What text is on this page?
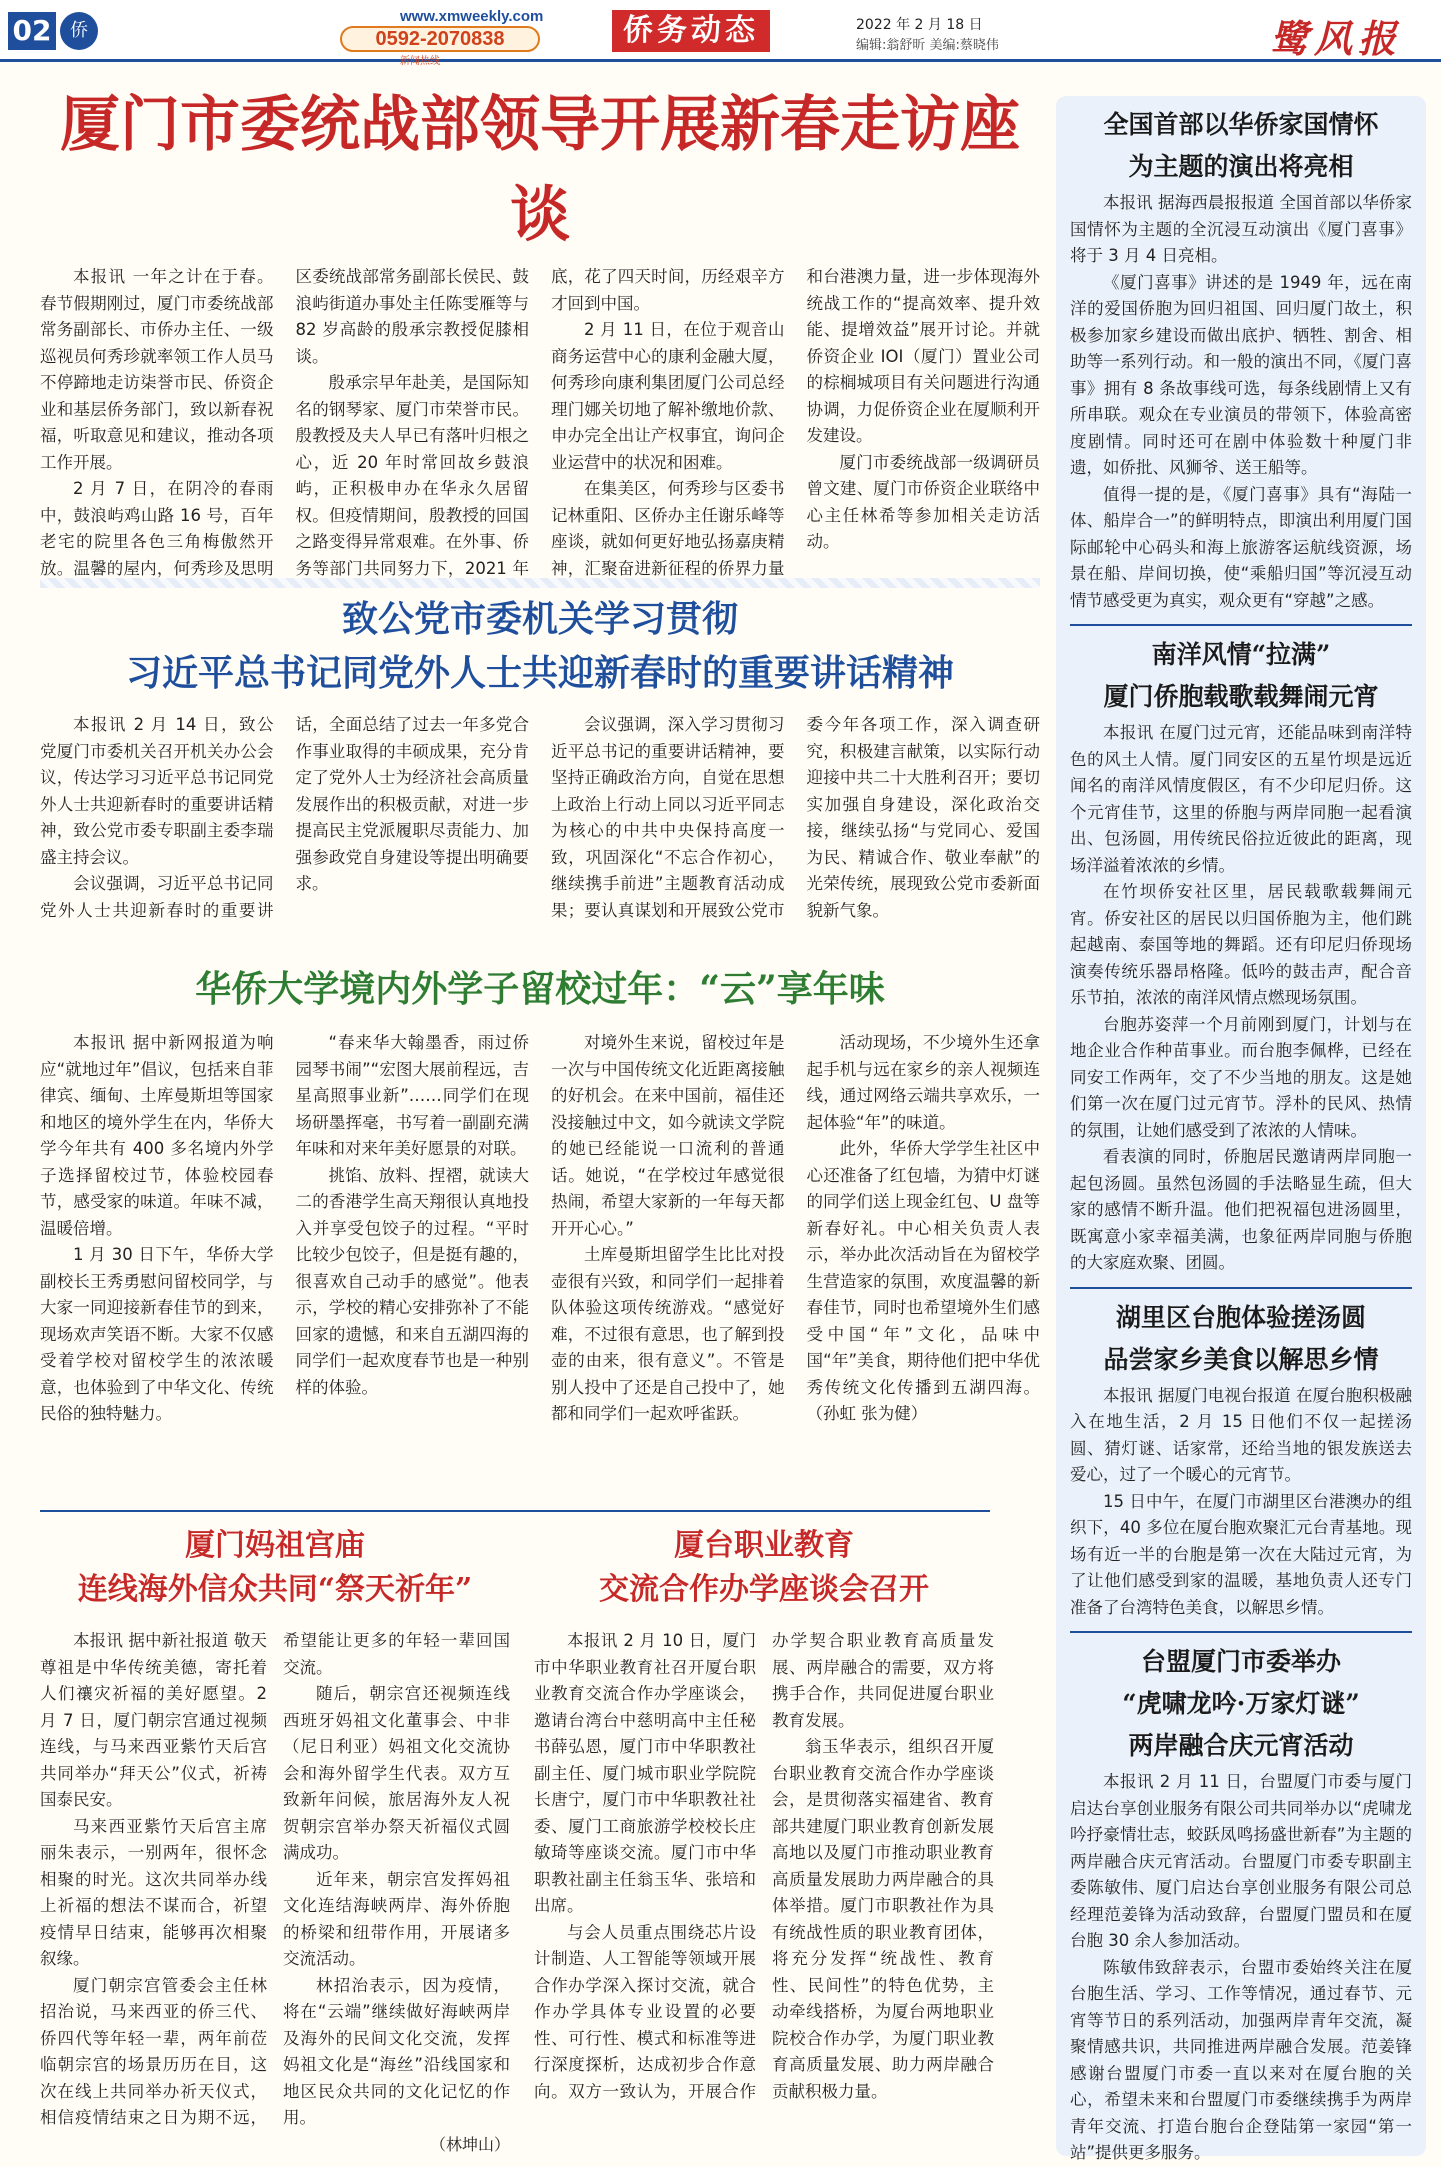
02	侨
www.xmweekly.com
0592-2070838
新闻热线
侨务动态	2022 年 2 月 18 日
编辑:翁舒昕 美编:蔡晓伟	鹭风报
厦门市委统战部领导开展新春走访座谈

本报讯 一年之计在于春。春节假期刚过，厦门市委统战部常务副部长、市侨办主任、一级巡视员何秀珍就率领工作人员马不停蹄地走访柒誉市民、侨资企业和基层侨务部门，致以新春祝福，听取意见和建议，推动各项工作开展。

2 月 7 日，在阴冷的春雨中，鼓浪屿鸡山路 16 号，百年老宅的院里各色三角梅傲然开放。温馨的屋内，何秀珍及思明区委统战部常务副部长侯民、鼓浪屿街道办事处主任陈雯雁等与 82 岁高龄的殷承宗教授促膝相谈。

殷承宗早年赴美，是国际知名的钢琴家、厦门市荣誉市民。殷教授及夫人早已有落叶归根之心，近 20 年时常回故乡鼓浪屿，正积极申办在华永久居留权。但疫情期间，殷教授的回国之路变得异常艰难。在外事、侨务等部门共同努力下，2021 年底，花了四天时间，历经艰辛方才回到中国。

2 月 11 日，在位于观音山商务运营中心的康利金融大厦，何秀珍向康利集团厦门公司总经理门娜关切地了解补缴地价款、申办完全出让产权事宜，询问企业运营中的状况和困难。

在集美区，何秀珍与区委书记林重阳、区侨办主任谢乐峰等座谈，就如何更好地弘扬嘉庚精神，汇聚奋进新征程的侨界力量和台港澳力量，进一步体现海外统战工作的“提高效率、提升效能、提增效益”展开讨论。并就侨资企业 IOI（厦门）置业公司的棕榈城项目有关问题进行沟通协调，力促侨资企业在厦顺利开发建设。

厦门市委统战部一级调研员曾文建、厦门市侨资企业联络中心主任林希等参加相关走访活动。

致公党市委机关学习贯彻
习近平总书记同党外人士共迎新春时的重要讲话精神

本报讯 2 月 14 日，致公党厦门市委机关召开机关办公会议，传达学习习近平总书记同党外人士共迎新春时的重要讲话精神，致公党市委专职副主委李瑞盛主持会议。

会议强调，习近平总书记同党外人士共迎新春时的重要讲话，全面总结了过去一年多党合作事业取得的丰硕成果，充分肯定了党外人士为经济社会高质量发展作出的积极贡献，对进一步提高民主党派履职尽责能力、加强参政党自身建设等提出明确要求。

会议强调，深入学习贯彻习近平总书记的重要讲话精神，要坚持正确政治方向，自觉在思想上政治上行动上同以习近平同志为核心的中共中央保持高度一致，巩固深化“不忘合作初心，继续携手前进”主题教育活动成果；要认真谋划和开展致公党市委今年各项工作，深入调查研究，积极建言献策，以实际行动迎接中共二十大胜利召开；要切实加强自身建设，深化政治交接，继续弘扬“与党同心、爱国为民、精诚合作、敬业奉献”的光荣传统，展现致公党市委新面貌新气象。

华侨大学境内外学子留校过年：“云”享年味

本报讯 据中新网报道为响应“就地过年”倡议，包括来自菲律宾、缅甸、土库曼斯坦等国家和地区的境外学生在内，华侨大学今年共有 400 多名境内外学子选择留校过节，体验校园春节，感受家的味道。年味不减，温暖倍增。

1 月 30 日下午，华侨大学副校长王秀勇慰问留校同学，与大家一同迎接新春佳节的到来，现场欢声笑语不断。大家不仅感受着学校对留校学生的浓浓暖意，也体验到了中华文化、传统民俗的独特魅力。

“春来华大翰墨香，雨过侨园琴书闹”“宏图大展前程远，吉星高照事业新”……同学们在现场研墨挥毫，书写着一副副充满年味和对来年美好愿景的对联。

挑馅、放料、捏褶，就读大二的香港学生高天翔很认真地投入并享受包饺子的过程。“平时比较少包饺子，但是挺有趣的，很喜欢自己动手的感觉”。他表示，学校的精心安排弥补了不能回家的遗憾，和来自五湖四海的同学们一起欢度春节也是一种别样的体验。

对境外生来说，留校过年是一次与中国传统文化近距离接触的好机会。在来中国前，福佳还没接触过中文，如今就读文学院的她已经能说一口流利的普通话。她说，“在学校过年感觉很热闹，希望大家新的一年每天都开开心心。”

土库曼斯坦留学生比比对投壶很有兴致，和同学们一起排着队体验这项传统游戏。“感觉好难，不过很有意思，也了解到投壶的由来，很有意义”。不管是别人投中了还是自己投中了，她都和同学们一起欢呼雀跃。

活动现场，不少境外生还拿起手机与远在家乡的亲人视频连线，通过网络云端共享欢乐，一起体验“年”的味道。

此外，华侨大学学生社区中心还准备了红包墙，为猜中灯谜的同学们送上现金红包、U 盘等新春好礼。中心相关负责人表示，举办此次活动旨在为留校学生营造家的氛围，欢度温馨的新春佳节，同时也希望境外生们感受中国“年”文化，品味中国“年”美食，期待他们把中华优秀传统文化传播到五湖四海。（孙虹 张为健）

厦门妈祖宫庙
连线海外信众共同“祭天祈年”

本报讯 据中新社报道 敬天尊祖是中华传统美德，寄托着人们禳灾祈福的美好愿望。2 月 7 日，厦门朝宗宫通过视频连线，与马来西亚紫竹天后宫共同举办“拜天公”仪式，祈祷国泰民安。

马来西亚紫竹天后宫主席丽朱表示，一别两年，很怀念相聚的时光。这次共同举办线上祈福的想法不谋而合，祈望疫情早日结束，能够再次相聚叙缘。

厦门朝宗宫管委会主任林招治说，马来西亚的侨三代、侨四代等年轻一辈，两年前莅临朝宗宫的场景历历在目，这次在线上共同举办祈天仪式，相信疫情结束之日为期不远，希望能让更多的年轻一辈回国交流。

随后，朝宗宫还视频连线西班牙妈祖文化董事会、中非（尼日利亚）妈祖文化交流协会和海外留学生代表。双方互致新年问候，旅居海外友人祝贺朝宗宫举办祭天祈福仪式圆满成功。

近年来，朝宗宫发挥妈祖文化连结海峡两岸、海外侨胞的桥梁和纽带作用，开展诸多交流活动。

林招治表示，因为疫情，将在“云端”继续做好海峡两岸及海外的民间文化交流，发挥妈祖文化是“海丝”沿线国家和地区民众共同的文化记忆的作用。

（林坤山）
厦台职业教育
交流合作办学座谈会召开

本报讯 2 月 10 日，厦门市中华职业教育社召开厦台职业教育交流合作办学座谈会，邀请台湾台中慈明高中主任秘书薛弘恩，厦门市中华职教社副主任、厦门城市职业学院院长唐宁，厦门市中华职教社社委、厦门工商旅游学校校长庄敏琦等座谈交流。厦门市中华职教社副主任翁玉华、张培和出席。

与会人员重点围绕芯片设计制造、人工智能等领域开展合作办学深入探讨交流，就合作办学具体专业设置的必要性、可行性、模式和标准等进行深度探析，达成初步合作意向。双方一致认为，开展合作办学契合职业教育高质量发展、两岸融合的需要，双方将携手合作，共同促进厦台职业教育发展。

翁玉华表示，组织召开厦台职业教育交流合作办学座谈会，是贯彻落实福建省、教育部共建厦门职业教育创新发展高地以及厦门市推动职业教育高质量发展助力两岸融合的具体举措。厦门市职教社作为具有统战性质的职业教育团体，将充分发挥“统战性、教育性、民间性”的特色优势，主动牵线搭桥，为厦台两地职业院校合作办学，为厦门职业教育高质量发展、助力两岸融合贡献积极力量。

全国首部以华侨家国情怀
为主题的演出将亮相

本报讯 据海西晨报报道 全国首部以华侨家国情怀为主题的全沉浸互动演出《厦门喜事》将于 3 月 4 日亮相。

《厦门喜事》讲述的是 1949 年，远在南洋的爱国侨胞为回归祖国、回归厦门故土，积极参加家乡建设而做出底护、牺牲、割舍、相助等一系列行动。和一般的演出不同，《厦门喜事》拥有 8 条故事线可选，每条线剧情上又有所串联。观众在专业演员的带领下，体验高密度剧情。同时还可在剧中体验数十种厦门非遗，如侨批、风狮爷、送王船等。

值得一提的是，《厦门喜事》具有“海陆一体、船岸合一”的鲜明特点，即演出利用厦门国际邮轮中心码头和海上旅游客运航线资源，场景在船、岸间切换，使“乘船归国”等沉浸互动情节感受更为真实，观众更有“穿越”之感。

南洋风情“拉满”
厦门侨胞载歌载舞闹元宵

本报讯 在厦门过元宵，还能品味到南洋特色的风土人情。厦门同安区的五星竹坝是远近闻名的南洋风情度假区，有不少印尼归侨。这个元宵佳节，这里的侨胞与两岸同胞一起看演出、包汤圆，用传统民俗拉近彼此的距离，现场洋溢着浓浓的乡情。

在竹坝侨安社区里，居民载歌载舞闹元宵。侨安社区的居民以归国侨胞为主，他们跳起越南、泰国等地的舞蹈。还有印尼归侨现场演奏传统乐器昂格隆。低吟的鼓击声，配合音乐节拍，浓浓的南洋风情点燃现场氛围。

台胞苏姿萍一个月前刚到厦门，计划与在地企业合作种苗事业。而台胞李佩桦，已经在同安工作两年，交了不少当地的朋友。这是她们第一次在厦门过元宵节。浮朴的民风、热情的氛围，让她们感受到了浓浓的人情味。

看表演的同时，侨胞居民邀请两岸同胞一起包汤圆。虽然包汤圆的手法略显生疏，但大家的感情不断升温。他们把祝福包进汤圆里，既寓意小家幸福美满，也象征两岸同胞与侨胞的大家庭欢聚、团圆。

湖里区台胞体验搓汤圆
品尝家乡美食以解思乡情

本报讯 据厦门电视台报道 在厦台胞积极融入在地生活，2 月 15 日他们不仅一起搓汤圆、猜灯谜、话家常，还给当地的银发族送去爱心，过了一个暖心的元宵节。

15 日中午，在厦门市湖里区台港澳办的组织下，40 多位在厦台胞欢聚汇元台青基地。现场有近一半的台胞是第一次在大陆过元宵，为了让他们感受到家的温暖，基地负责人还专门准备了台湾特色美食，以解思乡情。

台盟厦门市委举办
“虎啸龙吟·万家灯谜”
两岸融合庆元宵活动

本报讯 2 月 11 日，台盟厦门市委与厦门启达台享创业服务有限公司共同举办以“虎啸龙吟抒豪情壮志，蛟跃凤鸣扬盛世新春”为主题的两岸融合庆元宵活动。台盟厦门市委专职副主委陈敏伟、厦门启达台享创业服务有限公司总经理范姜锋为活动致辞，台盟厦门盟员和在厦台胞 30 余人参加活动。

陈敏伟致辞表示，台盟市委始终关注在厦台胞生活、学习、工作等情况，通过春节、元宵等节日的系列活动，加强两岸青年交流，凝聚情感共识，共同推进两岸融合发展。范姜锋感谢台盟厦门市委一直以来对在厦台胞的关心，希望未来和台盟厦门市委继续携手为两岸青年交流、打造台胞台企登陆第一家园“第一站”提供更多服务。
